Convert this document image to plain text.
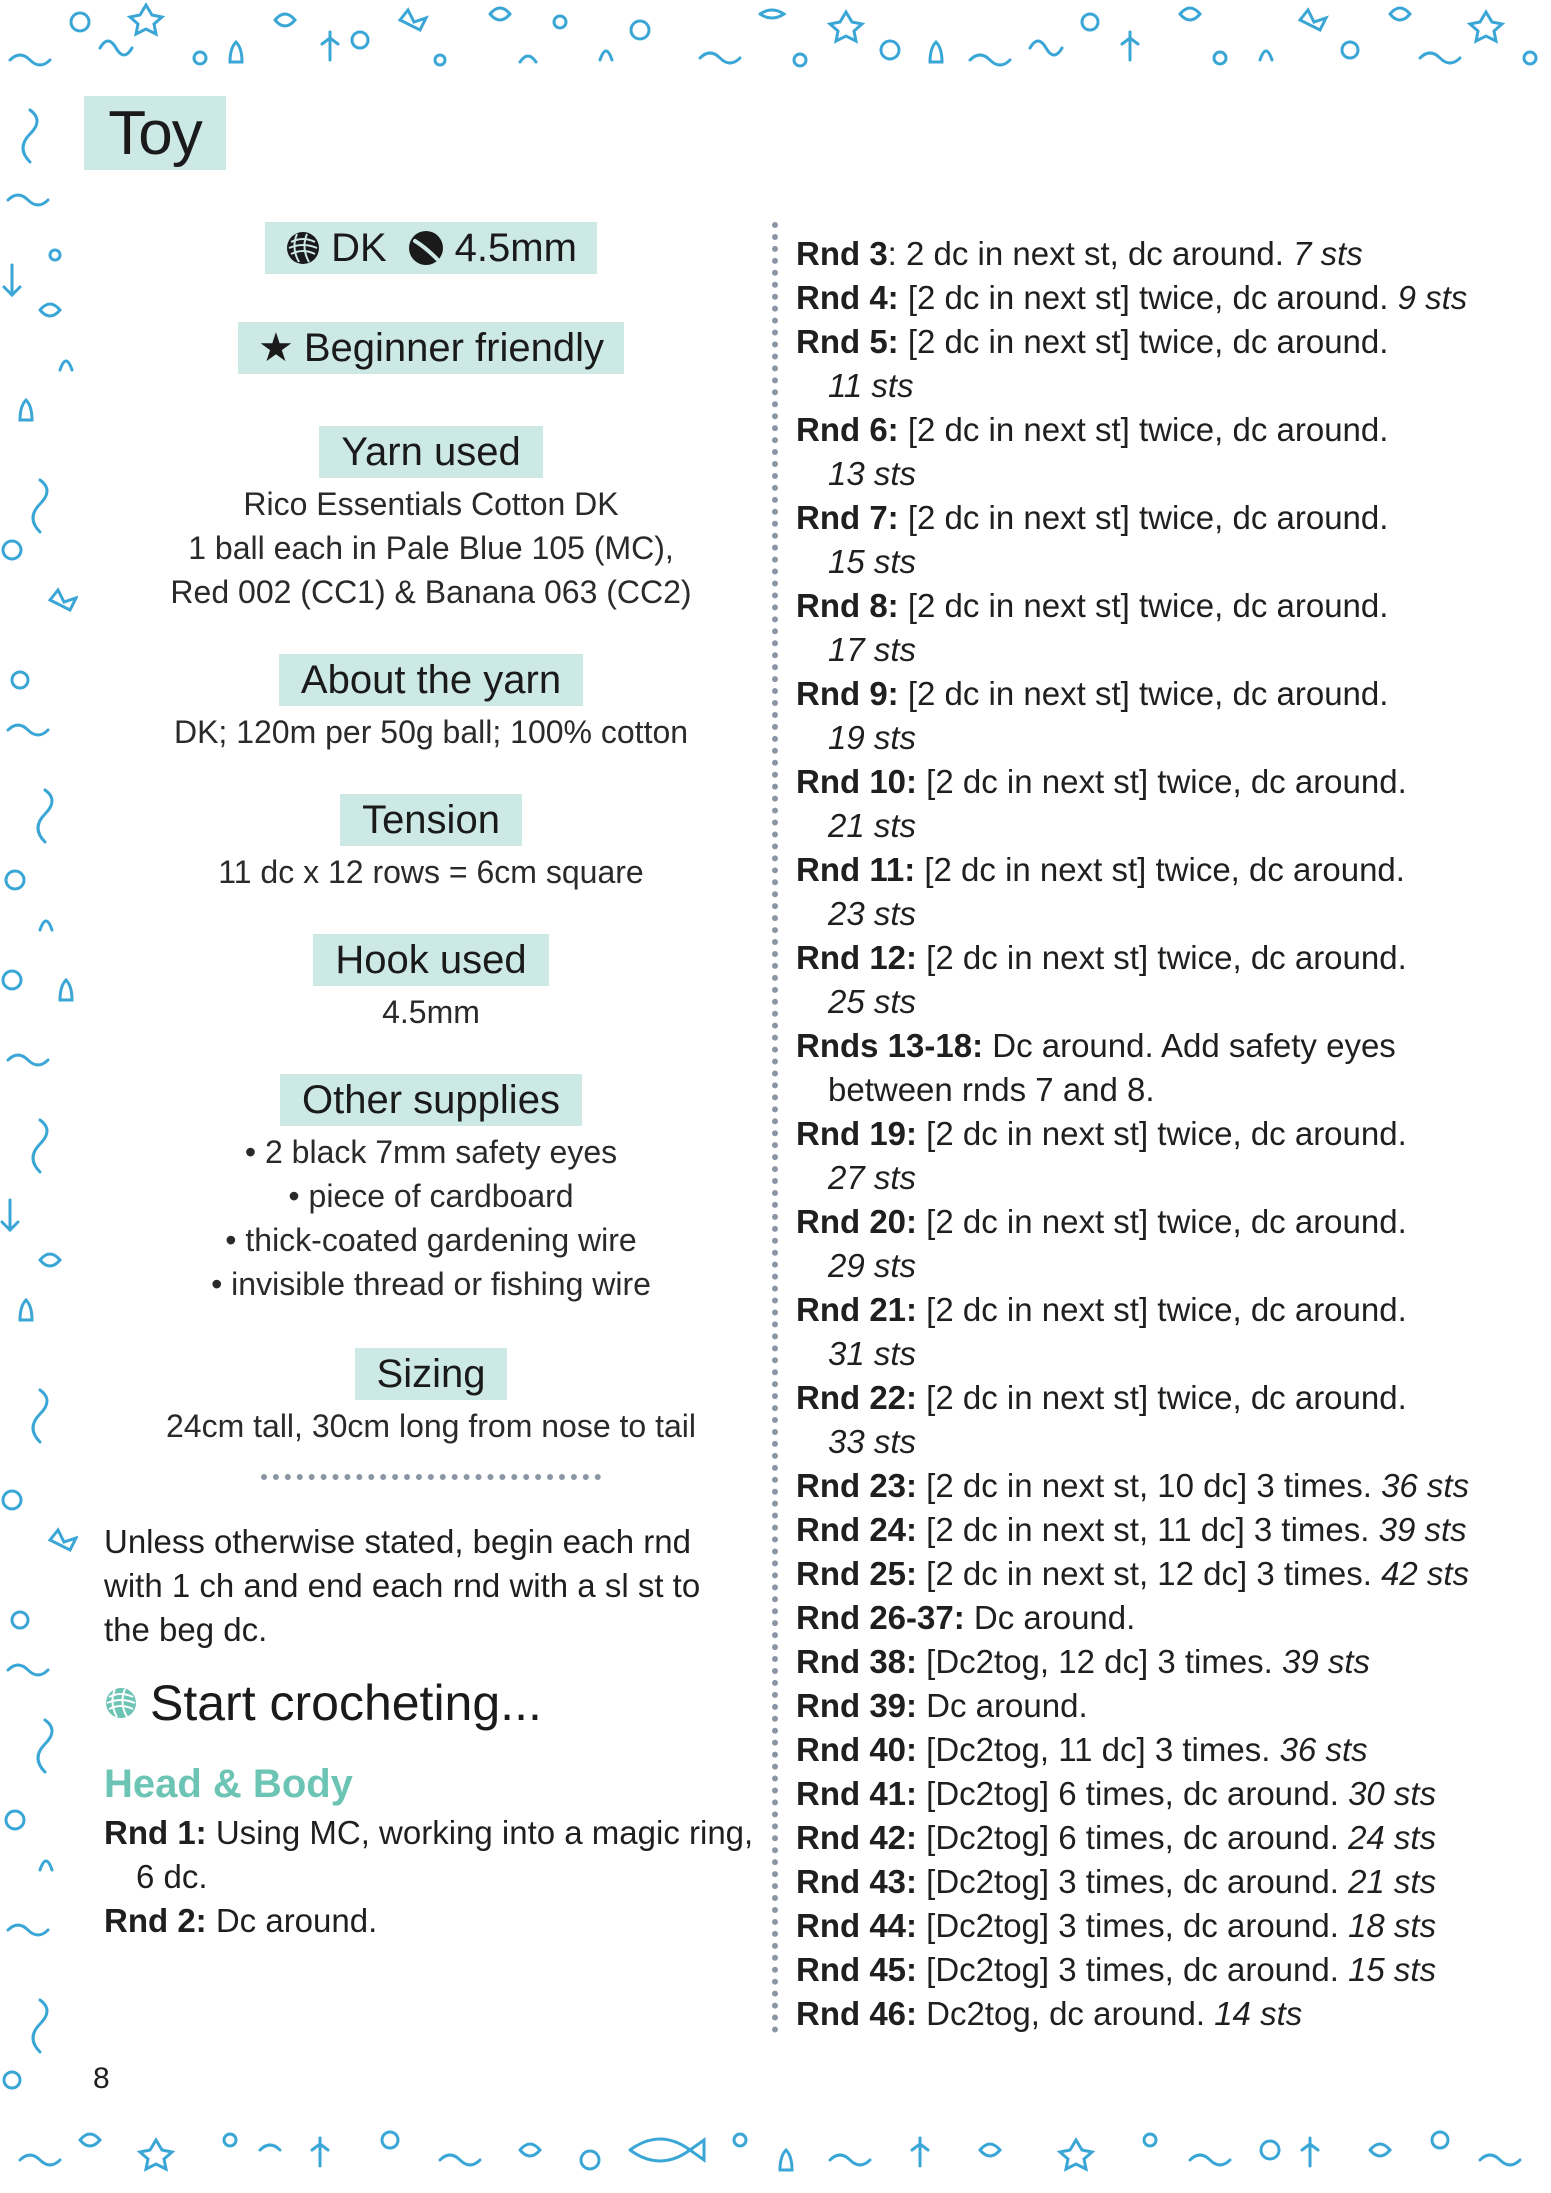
Toy
DK 4.5mm
★ Beginner friendly
Yarn used

Rico Essentials Cotton DK

1 ball each in Pale Blue 105 (MC),

Red 002 (CC1) & Banana 063 (CC2)

About the yarn

DK; 120m per 50g ball; 100% cotton

Tension

11 dc x 12 rows = 6cm square

Hook used

4.5mm

Other supplies

• 2 black 7mm safety eyes

• piece of cardboard

• thick-coated gardening wire

• invisible thread or fishing wire

Sizing

24cm tall, 30cm long from nose to tail

Unless otherwise stated, begin each rnd
with 1 ch and end each rnd with a sl st to
the beg dc.
Start crocheting...

Head & Body

Rnd 1: Using MC, working into a magic ring,
6 dc.

Rnd 2: Dc around.

Rnd 3: 2 dc in next st, dc around. 7 sts

Rnd 4: [2 dc in next st] twice, dc around. 9 sts

Rnd 5: [2 dc in next st] twice, dc around.
11 sts

Rnd 6: [2 dc in next st] twice, dc around.
13 sts

Rnd 7: [2 dc in next st] twice, dc around.
15 sts

Rnd 8: [2 dc in next st] twice, dc around.
17 sts

Rnd 9: [2 dc in next st] twice, dc around.
19 sts

Rnd 10: [2 dc in next st] twice, dc around.
21 sts

Rnd 11: [2 dc in next st] twice, dc around.
23 sts

Rnd 12: [2 dc in next st] twice, dc around.
25 sts

Rnds 13-18: Dc around. Add safety eyes
between rnds 7 and 8.

Rnd 19: [2 dc in next st] twice, dc around.
27 sts

Rnd 20: [2 dc in next st] twice, dc around.
29 sts

Rnd 21: [2 dc in next st] twice, dc around.
31 sts

Rnd 22: [2 dc in next st] twice, dc around.
33 sts

Rnd 23: [2 dc in next st, 10 dc] 3 times. 36 sts

Rnd 24: [2 dc in next st, 11 dc] 3 times. 39 sts

Rnd 25: [2 dc in next st, 12 dc] 3 times. 42 sts

Rnd 26-37: Dc around.

Rnd 38: [Dc2tog, 12 dc] 3 times. 39 sts

Rnd 39: Dc around.

Rnd 40: [Dc2tog, 11 dc] 3 times. 36 sts

Rnd 41: [Dc2tog] 6 times, dc around. 30 sts

Rnd 42: [Dc2tog] 6 times, dc around. 24 sts

Rnd 43: [Dc2tog] 3 times, dc around. 21 sts

Rnd 44: [Dc2tog] 3 times, dc around. 18 sts

Rnd 45: [Dc2tog] 3 times, dc around. 15 sts

Rnd 46: Dc2tog, dc around. 14 sts

8
